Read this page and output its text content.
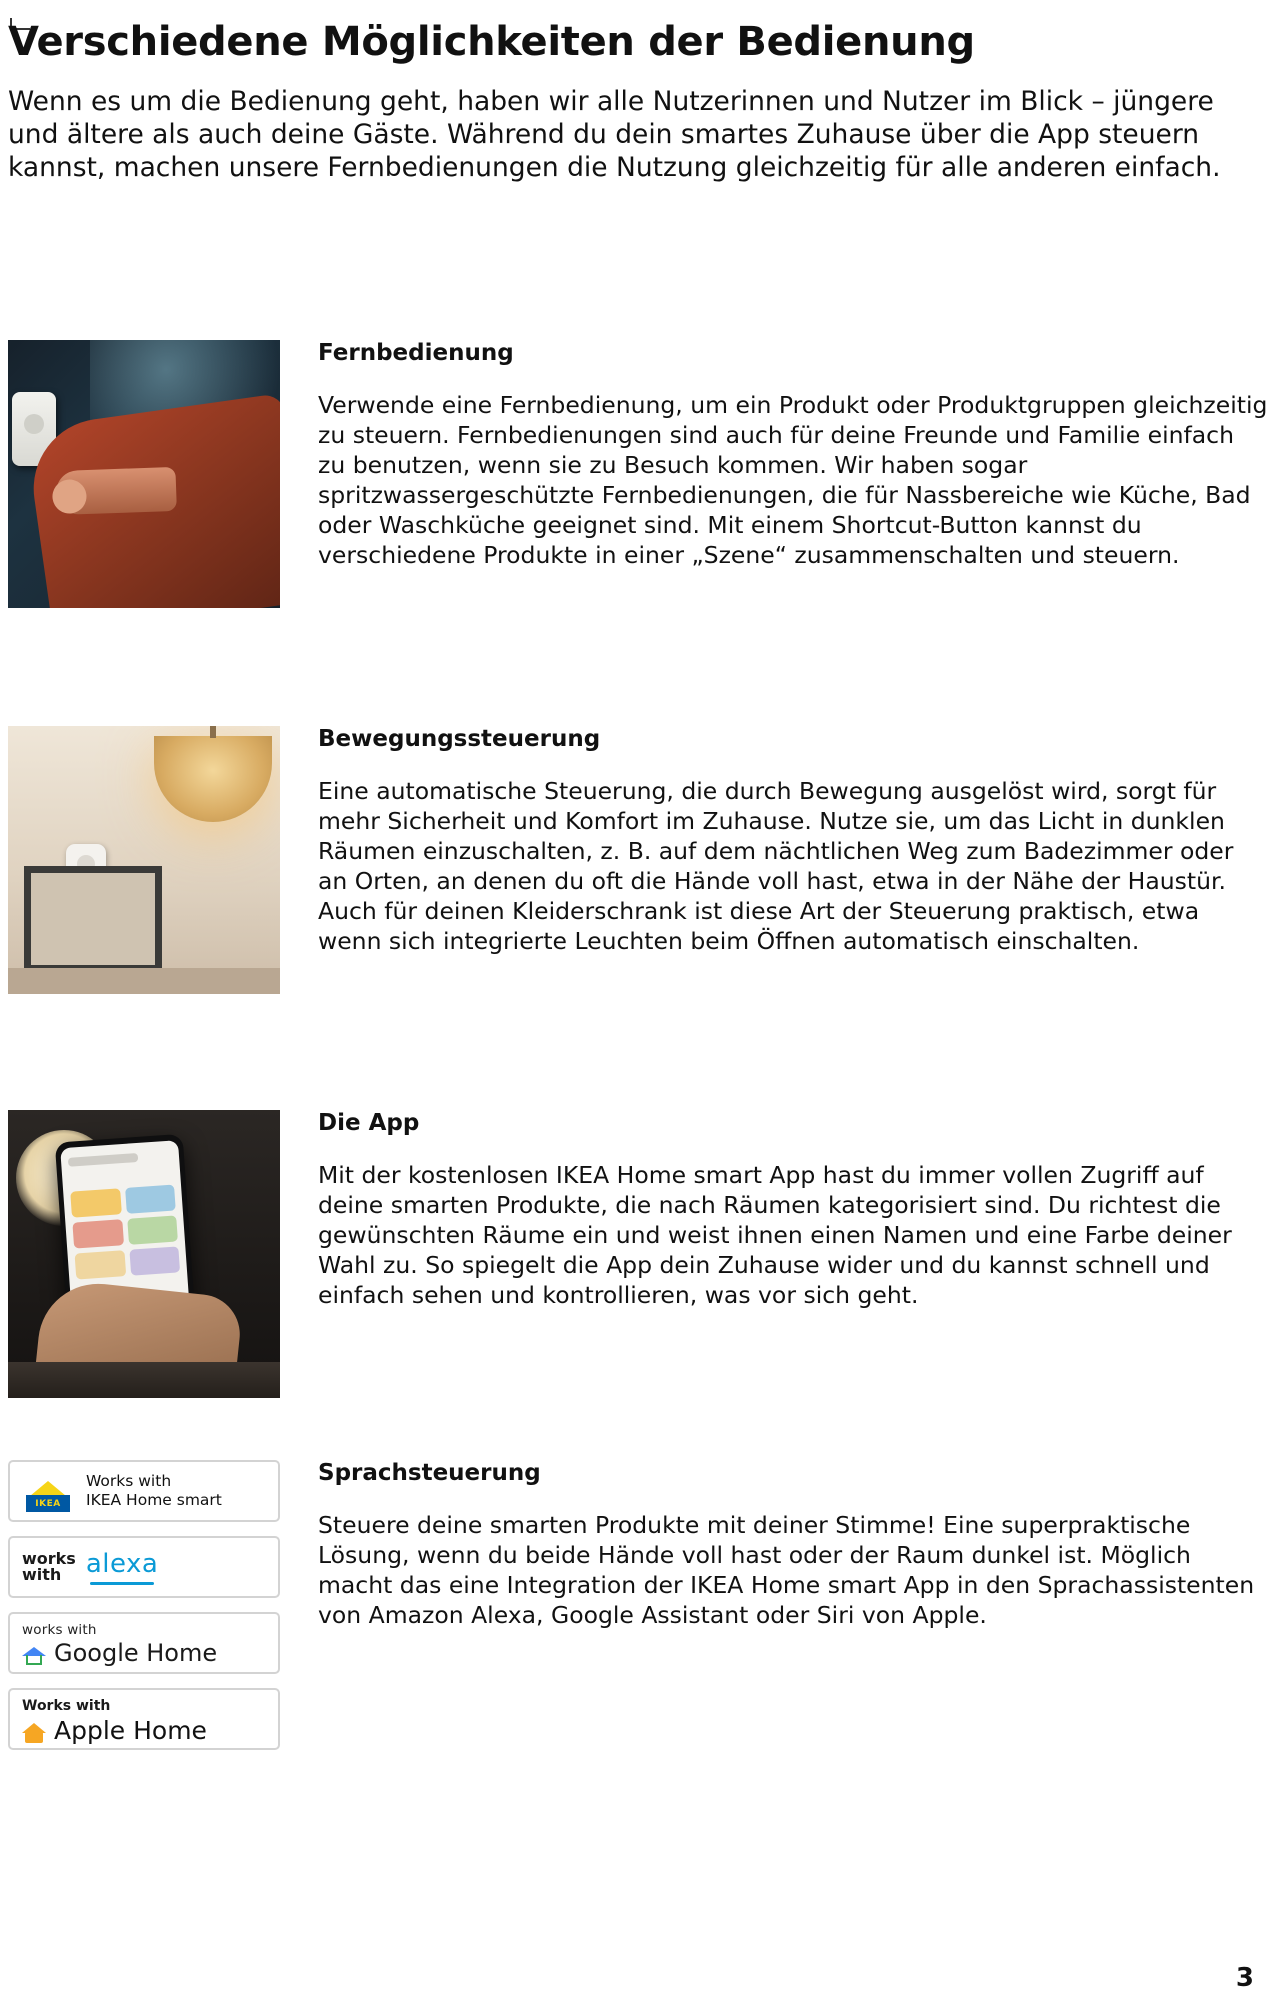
Verschiedene Möglichkeiten der Bedienung

Wenn es um die Bedienung geht, haben wir alle Nutzerinnen und Nutzer im Blick – jüngere und ältere als auch deine Gäste. Während du dein smartes Zuhause über die App steuern kannst, machen unsere Fernbedienungen die Nutzung gleichzeitig für alle anderen einfach.

Fernbedienung

Verwende eine Fernbedienung, um ein Produkt oder Produktgruppen gleichzeitig zu steuern. Fernbedienungen sind auch für deine Freunde und Familie einfach zu benutzen, wenn sie zu Besuch kommen. Wir haben sogar spritzwassergeschützte Fernbedienungen, die für Nassbereiche wie Küche, Bad oder Waschküche geeignet sind. Mit einem Shortcut-Button kannst du verschiedene Produkte in einer „Szene“ zusammenschalten und steuern.

Bewegungssteuerung

Eine automatische Steuerung, die durch Bewegung ausgelöst wird, sorgt für mehr Sicherheit und Komfort im Zuhause. Nutze sie, um das Licht in dunklen Räumen einzuschalten, z. B. auf dem nächtlichen Weg zum Badezimmer oder an Orten, an denen du oft die Hände voll hast, etwa in der Nähe der Haustür. Auch für deinen Kleiderschrank ist diese Art der Steuerung praktisch, etwa wenn sich integrierte Leuchten beim Öffnen automatisch einschalten.

Die App

Mit der kostenlosen IKEA Home smart App hast du immer vollen Zugriff auf deine smarten Produkte, die nach Räumen kategorisiert sind. Du richtest die gewünschten Räume ein und weist ihnen einen Namen und eine Farbe deiner Wahl zu. So spiegelt die App dein Zuhause wider und du kannst schnell und einfach sehen und kontrollieren, was vor sich geht.

Sprachsteuerung

Steuere deine smarten Produkte mit deiner Stimme! Eine superpraktische Lösung, wenn du beide Hände voll hast oder der Raum dunkel ist. Möglich macht das eine Integration der IKEA Home smart App in den Sprachassistenten von Amazon Alexa, Google Assistant oder Siri von Apple.

IKEA
Works with
IKEA Home smart
works
with alexa
works with
Google Home
Works with
Apple Home
3
